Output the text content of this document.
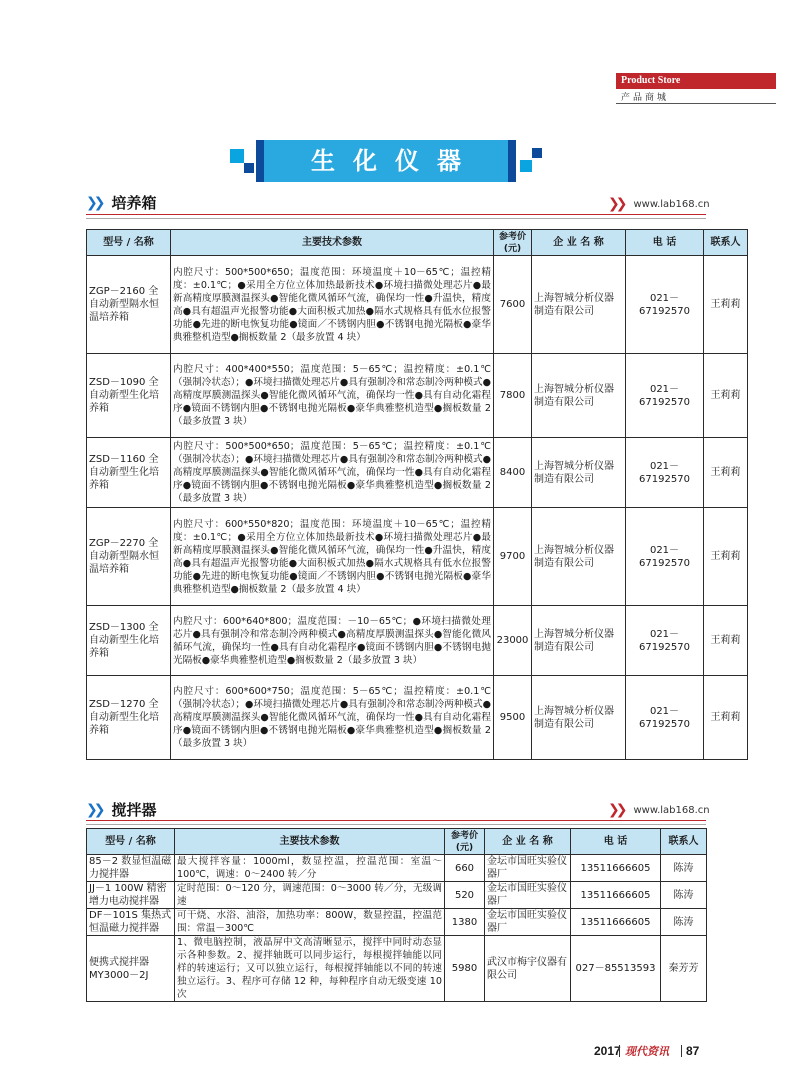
Product Store
产品商城
生化仪器
❯❯ 培养箱	❯❯ www.lab168.cn
型号 / 名称	主要技术参数	参考价
(元)	企 业 名 称	电 话	联系人
ZGP－2160 全自动新型隔水恒温培养箱	内腔尺寸：500*500*650；温度范围：环境温度＋10－65℃；温控精度：±0.1℃；●采用全方位立体加热最新技术●环境扫描微处理芯片●最新高精度厚膜测温探头●智能化微风循环气流，确保均一性●升温快，精度高●具有超温声光报警功能●大面积板式加热●隔水式规格具有低水位报警功能●先进的断电恢复功能●镜面／不锈钢内胆●不锈钢电抛光隔板●豪华典雅整机造型●搁板数量 2（最多放置 4 块）	7600	上海智城分析仪器制造有限公司	021－67192570	王莉莉
ZSD－1090 全自动新型生化培养箱	内腔尺寸：400*400*550；温度范围：5－65℃；温控精度：±0.1℃（强制冷状态）；●环境扫描微处理芯片●具有强制冷和常态制冷两种模式●高精度厚膜测温探头●智能化微风循环气流，确保均一性●具有自动化霜程序●镜面不锈钢内胆●不锈钢电抛光隔板●豪华典雅整机造型●搁板数量 2（最多放置 3 块）	7800	上海智城分析仪器制造有限公司	021－67192570	王莉莉
ZSD－1160 全自动新型生化培养箱	内腔尺寸：500*500*650；温度范围：5－65℃；温控精度：±0.1℃（强制冷状态）；●环境扫描微处理芯片●具有强制冷和常态制冷两种模式●高精度厚膜测温探头●智能化微风循环气流，确保均一性●具有自动化霜程序●镜面不锈钢内胆●不锈钢电抛光隔板●豪华典雅整机造型●搁板数量 2（最多放置 3 块）	8400	上海智城分析仪器制造有限公司	021－67192570	王莉莉
ZGP－2270 全自动新型隔水恒温培养箱	内腔尺寸：600*550*820；温度范围：环境温度＋10－65℃；温控精度：±0.1℃；●采用全方位立体加热最新技术●环境扫描微处理芯片●最新高精度厚膜测温探头●智能化微风循环气流，确保均一性●升温快，精度高●具有超温声光报警功能●大面积板式加热●隔水式规格具有低水位报警功能●先进的断电恢复功能●镜面／不锈钢内胆●不锈钢电抛光隔板●豪华典雅整机造型●搁板数量 2（最多放置 4 块）	9700	上海智城分析仪器制造有限公司	021－67192570	王莉莉
ZSD－1300 全自动新型生化培养箱	内腔尺寸：600*640*800；温度范围：－10－65℃；●环境扫描微处理芯片●具有强制冷和常态制冷两种模式●高精度厚膜测温探头●智能化微风循环气流，确保均一性●具有自动化霜程序●镜面不锈钢内胆●不锈钢电抛光隔板●豪华典雅整机造型●搁板数量 2（最多放置 3 块）	23000	上海智城分析仪器制造有限公司	021－67192570	王莉莉
ZSD－1270 全自动新型生化培养箱	内腔尺寸：600*600*750；温度范围：5－65℃；温控精度：±0.1℃（强制冷状态）；●环境扫描微处理芯片●具有强制冷和常态制冷两种模式●高精度厚膜测温探头●智能化微风循环气流，确保均一性●具有自动化霜程序●镜面不锈钢内胆●不锈钢电抛光隔板●豪华典雅整机造型●搁板数量 2（最多放置 3 块）	9500	上海智城分析仪器制造有限公司	021－67192570	王莉莉
❯❯ 搅拌器	❯❯ www.lab168.cn
型号 / 名称	主要技术参数	参考价
(元)	企 业 名 称	电 话	联系人
85－2 数显恒温磁力搅拌器	最大搅拌容量：1000ml，数显控温，控温范围：室温～100℃，调速：0～2400 转／分	660	金坛市国旺实验仪器厂	13511666605	陈涛
JJ－1 100W 精密增力电动搅拌器	定时范围：0～120 分，调速范围：0～3000 转／分，无级调速	520	金坛市国旺实验仪器厂	13511666605	陈涛
DF－101S 集热式恒温磁力搅拌器	可干烧、水浴、油浴，加热功率：800W，数显控温，控温范围：常温－300℃	1380	金坛市国旺实验仪器厂	13511666605	陈涛
便携式搅拌器 MY3000－2J	1、微电脑控制，液晶屏中文高清晰显示，搅拌中同时动态显示各种参数。2、搅拌轴既可以同步运行，每根搅拌轴能以同样的转速运行；又可以独立运行，每根搅拌轴能以不同的转速独立运行。3、程序可存储 12 种，每种程序自动无级变速 10 次	5980	武汉市梅宇仪器有限公司	027－85513593	秦芳芳
2017 现代资讯 87
